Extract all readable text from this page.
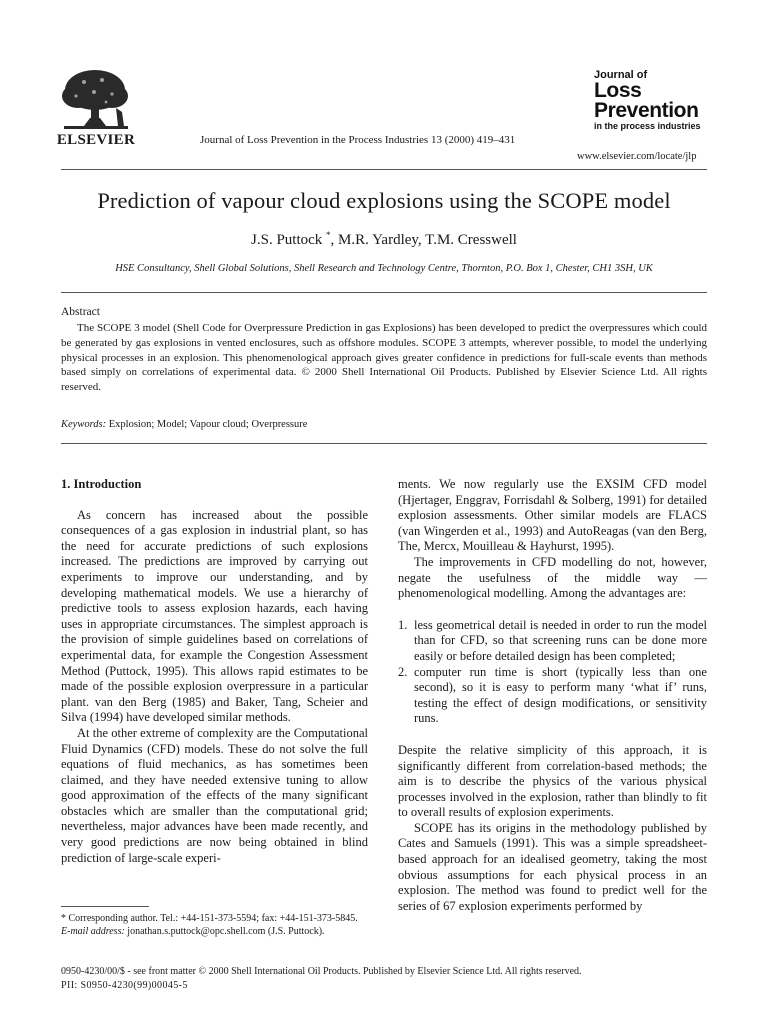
ELSEVIER	Journal of Loss Prevention in the Process Industries 13 (2000) 419–431
Journal of
Loss
Prevention
in the process industries
www.elsevier.com/locate/jlp
Prediction of vapour cloud explosions using the SCOPE model
J.S. Puttock *, M.R. Yardley, T.M. Cresswell
HSE Consultancy, Shell Global Solutions, Shell Research and Technology Centre, Thornton, P.O. Box 1, Chester, CH1 3SH, UK
Abstract

The SCOPE 3 model (Shell Code for Overpressure Prediction in gas Explosions) has been developed to predict the overpressures which could be generated by gas explosions in vented enclosures, such as offshore modules. SCOPE 3 attempts, wherever possible, to model the underlying physical processes in an explosion. This phenomenological approach gives greater confidence in predictions for full-scale events than methods based simply on correlations of experimental data. © 2000 Shell International Oil Products. Published by Elsevier Science Ltd. All rights reserved.

Keywords: Explosion; Model; Vapour cloud; Overpressure

1. Introduction

As concern has increased about the possible consequences of a gas explosion in industrial plant, so has the need for accurate predictions of such explosions increased. The predictions are improved by carrying out experiments to improve our understanding, and by developing mathematical models. We use a hierarchy of predictive tools to assess explosion hazards, each having uses in appropriate circumstances. The simplest approach is the provision of simple guidelines based on correlations of experimental data, for example the Congestion Assessment Method (Puttock, 1995). This allows rapid estimates to be made of the possible explosion overpressure in a particular plant. van den Berg (1985) and Baker, Tang, Scheier and Silva (1994) have developed similar methods.

At the other extreme of complexity are the Computational Fluid Dynamics (CFD) models. These do not solve the full equations of fluid mechanics, as has sometimes been claimed, and they have needed extensive tuning to allow good approximation of the effects of the many significant obstacles which are smaller than the computational grid; nevertheless, major advances have been made recently, and very good predictions are now being obtained in blind prediction of large-scale experi-

ments. We now regularly use the EXSIM CFD model (Hjertager, Enggrav, Forrisdahl & Solberg, 1991) for detailed explosion assessments. Other similar models are FLACS (van Wingerden et al., 1993) and AutoReagas (van den Berg, The, Mercx, Mouilleau & Hayhurst, 1995).

The improvements in CFD modelling do not, however, negate the usefulness of the middle way — phenomenological modelling. Among the advantages are:

1. less geometrical detail is needed in order to run the model than for CFD, so that screening runs can be done more easily or before detailed design has been completed;
2. computer run time is short (typically less than one second), so it is easy to perform many ‘what if’ runs, testing the effect of design modifications, or sensitivity runs.

Despite the relative simplicity of this approach, it is significantly different from correlation-based methods; the aim is to describe the physics of the various physical processes involved in the explosion, rather than blindly to fit to overall results of explosion experiments.

SCOPE has its origins in the methodology published by Cates and Samuels (1991). This was a simple spreadsheet-based approach for an idealised geometry, taking the most obvious assumptions for each physical process in an explosion. The method was found to predict well for the series of 67 explosion experiments performed by

* Corresponding author. Tel.: +44-151-373-5594; fax: +44-151-373-5845.

E-mail address: jonathan.s.puttock@opc.shell.com (J.S. Puttock).

0950-4230/00/$ - see front matter © 2000 Shell International Oil Products. Published by Elsevier Science Ltd. All rights reserved.
PII: S0950-4230(99)00045-5
